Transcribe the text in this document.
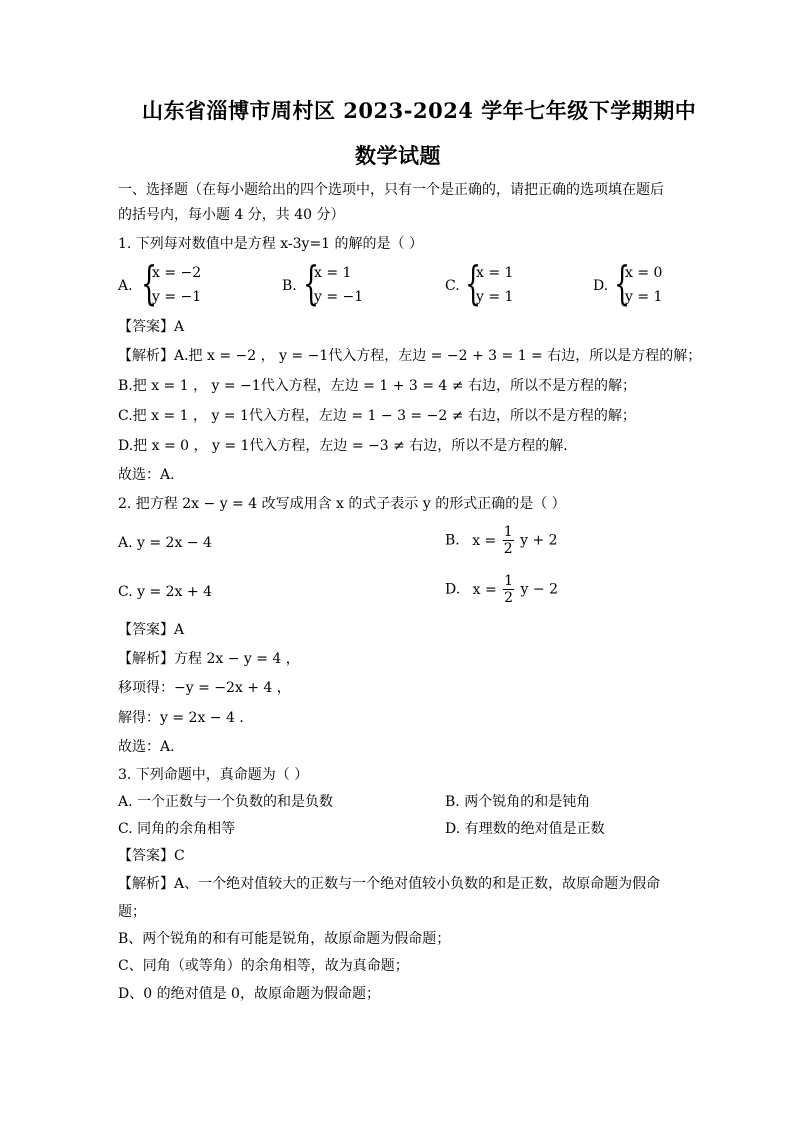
山东省淄博市周村区 2023-2024 学年七年级下学期期中
数学试题
一、选择题（在每小题给出的四个选项中，只有一个是正确的，请把正确的选项填在题后
的括号内，每小题 4 分，共 40 分）
1. 下列每对数值中是方程 x-3y=1 的解的是（ ）
A. {
x = −2
y = −1
B. {
x = 1
y = −1
C. {
x = 1
y = 1
D. {
x = 0
y = 1
【答案】A
【解析】A.把 x = −2 ， y = −1代入方程，左边 = −2 + 3 = 1 = 右边，所以是方程的解；
B.把 x = 1 ， y = −1代入方程，左边 = 1 + 3 = 4 ≠ 右边，所以不是方程的解；
C.把 x = 1 ， y = 1代入方程，左边 = 1 − 3 = −2 ≠ 右边，所以不是方程的解；
D.把 x = 0 ， y = 1代入方程，左边 = −3 ≠ 右边，所以不是方程的解．
故选：A．
2. 把方程 2x − y = 4 改写成用含 x 的式子表示 y 的形式正确的是（ ）
A. y = 2x − 4	B. $x = \frac{1}{2}$ y + 2
C. y = 2x + 4	D. $x = \frac{1}{2}$ y − 2
【答案】A
【解析】方程 2x − y = 4 ，
移项得：−y = −2x + 4 ，
解得：y = 2x − 4 ．
故选：A．
3. 下列命题中，真命题为（ ）
A. 一个正数与一个负数的和是负数	B. 两个锐角的和是钝角
C. 同角的余角相等	D. 有理数的绝对值是正数
【答案】C
【解析】A、一个绝对值较大的正数与一个绝对值较小负数的和是正数，故原命题为假命
题；
B、两个锐角的和有可能是锐角，故原命题为假命题；
C、同角（或等角）的余角相等，故为真命题；
D、0 的绝对值是 0，故原命题为假命题；
